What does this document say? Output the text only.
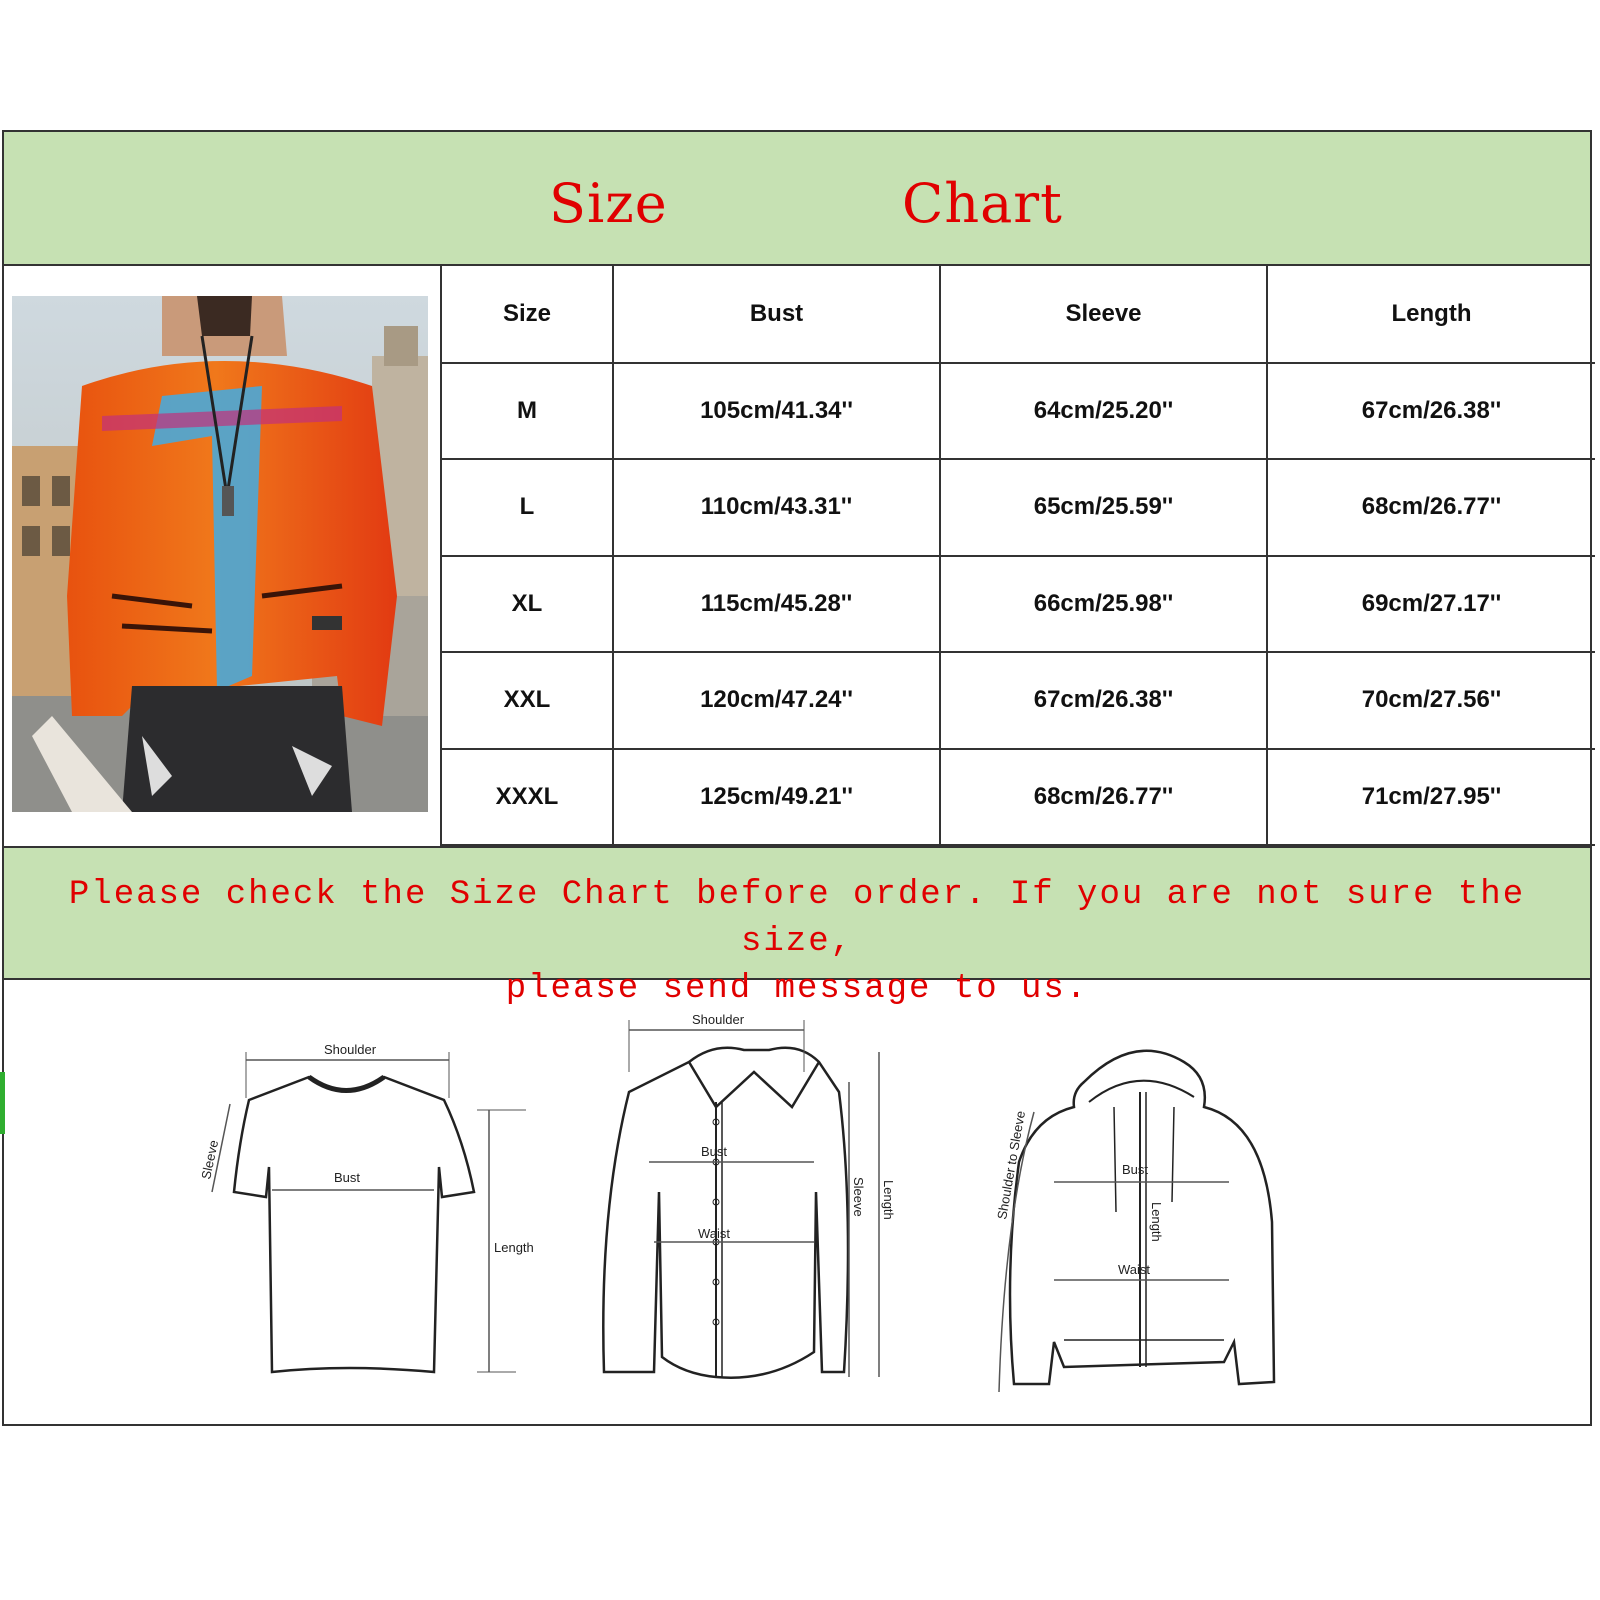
Size	Chart
Size	Bust	Sleeve	Length
M	105cm/41.34''	64cm/25.20''	67cm/26.38''
L	110cm/43.31''	65cm/25.59''	68cm/26.77''
XL	115cm/45.28''	66cm/25.98''	69cm/27.17''
XXL	120cm/47.24''	67cm/26.38''	70cm/27.56''
XXXL	125cm/49.21''	68cm/26.77''	71cm/27.95''
Please check the Size Chart before order. If you are not sure the size,
please send message to us.
Shoulder
Bust
Length
Sleeve
Shoulder
Bust
Waist
Sleeve Length
Bust
Waist
Length
Shoulder to Sleeve
